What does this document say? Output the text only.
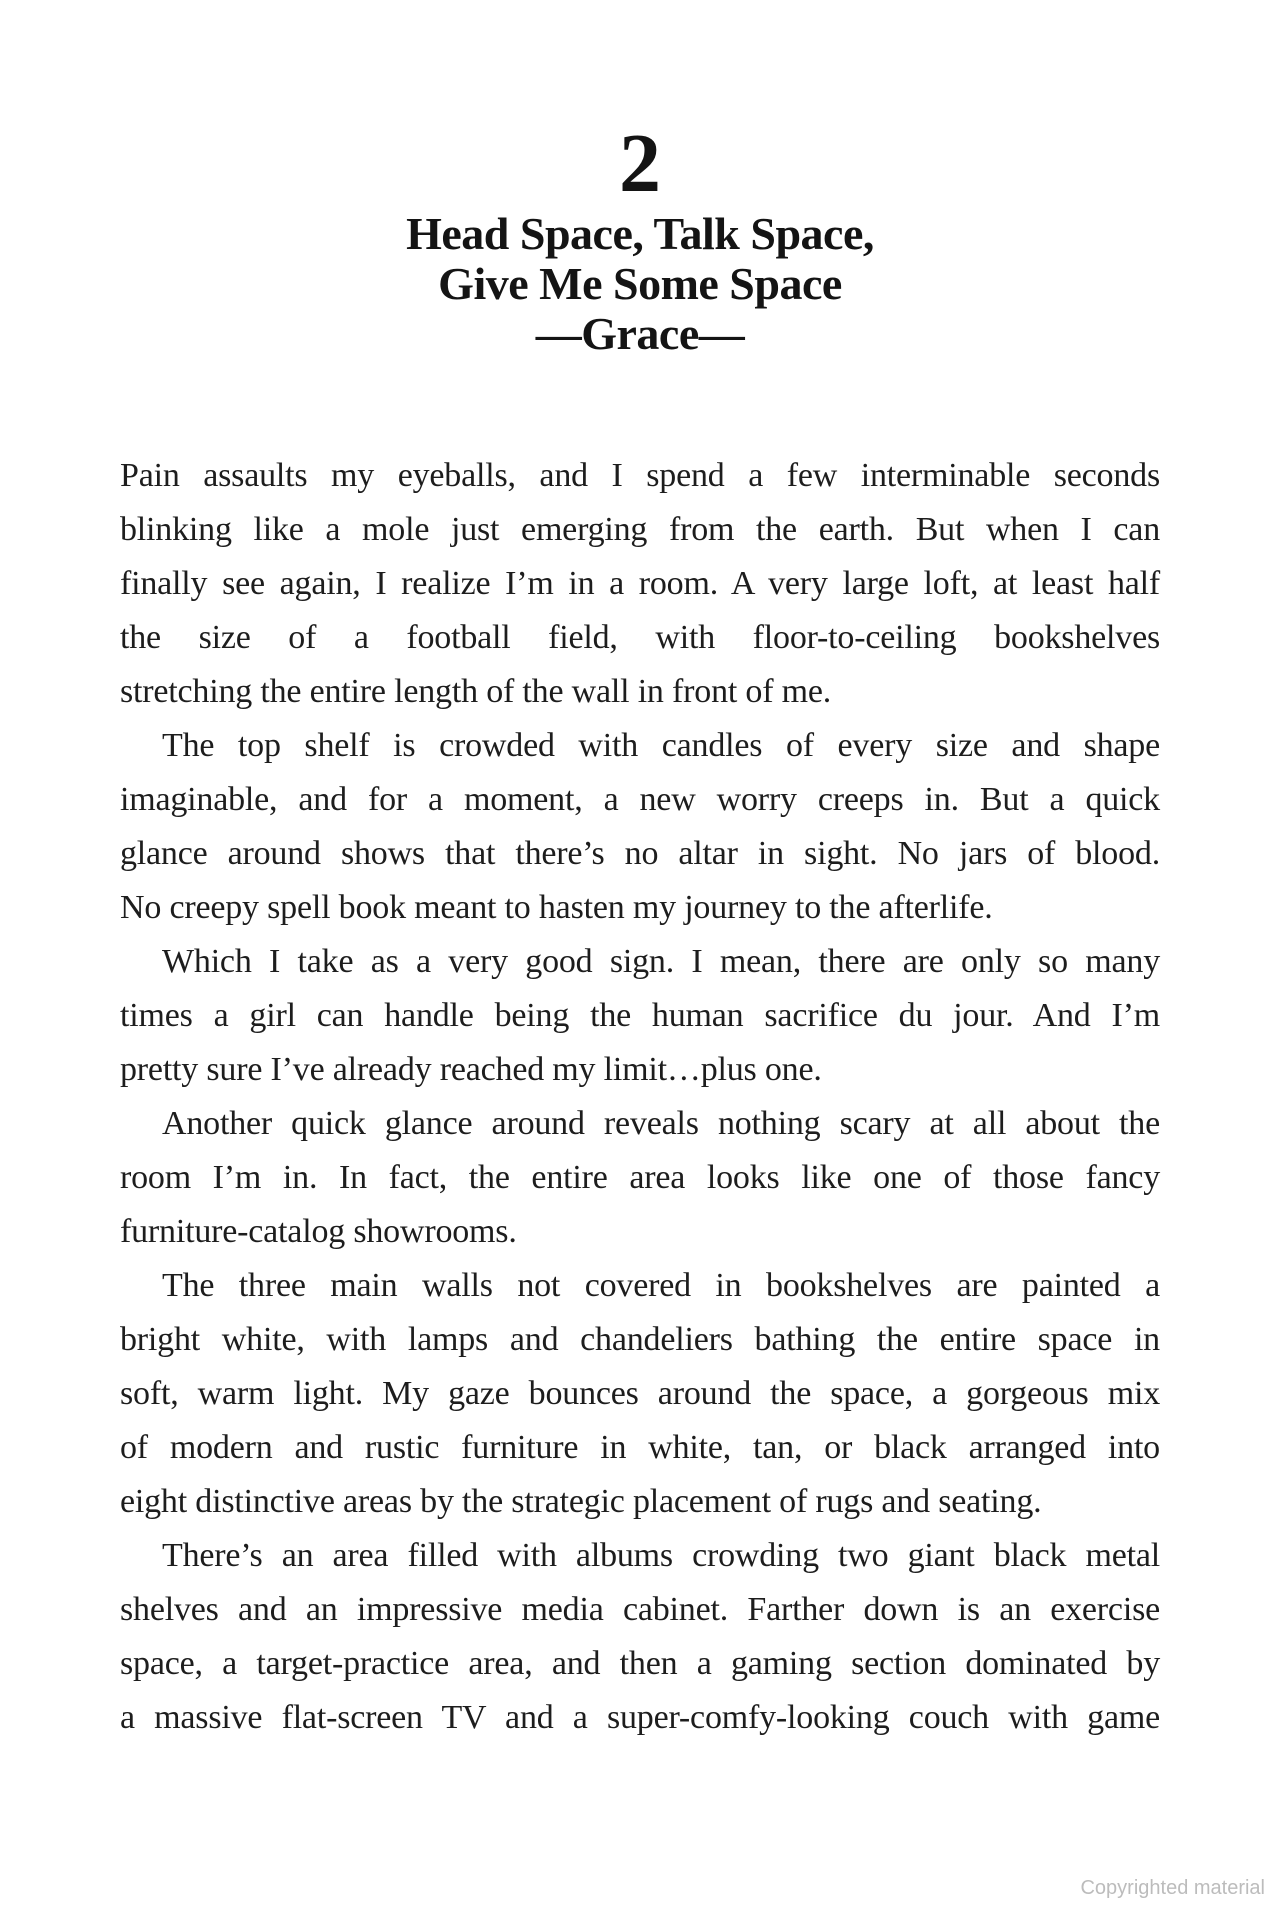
2
Head Space, Talk Space,
Give Me Some Space
—Grace—
Pain assaults my eyeballs, and I spend a few interminable seconds
blinking like a mole just emerging from the earth. But when I can
finally see again, I realize I’m in a room. A very large loft, at least half
the size of a football field, with floor-to-ceiling bookshelves
stretching the entire length of the wall in front of me.
The top shelf is crowded with candles of every size and shape
imaginable, and for a moment, a new worry creeps in. But a quick
glance around shows that there’s no altar in sight. No jars of blood.
No creepy spell book meant to hasten my journey to the afterlife.
Which I take as a very good sign. I mean, there are only so many
times a girl can handle being the human sacrifice du jour. And I’m
pretty sure I’ve already reached my limit…plus one.
Another quick glance around reveals nothing scary at all about the
room I’m in. In fact, the entire area looks like one of those fancy
furniture-catalog showrooms.
The three main walls not covered in bookshelves are painted a
bright white, with lamps and chandeliers bathing the entire space in
soft, warm light. My gaze bounces around the space, a gorgeous mix
of modern and rustic furniture in white, tan, or black arranged into
eight distinctive areas by the strategic placement of rugs and seating.
There’s an area filled with albums crowding two giant black metal
shelves and an impressive media cabinet. Farther down is an exercise
space, a target-practice area, and then a gaming section dominated by
a massive flat-screen TV and a super-comfy-looking couch with game
Copyrighted material
